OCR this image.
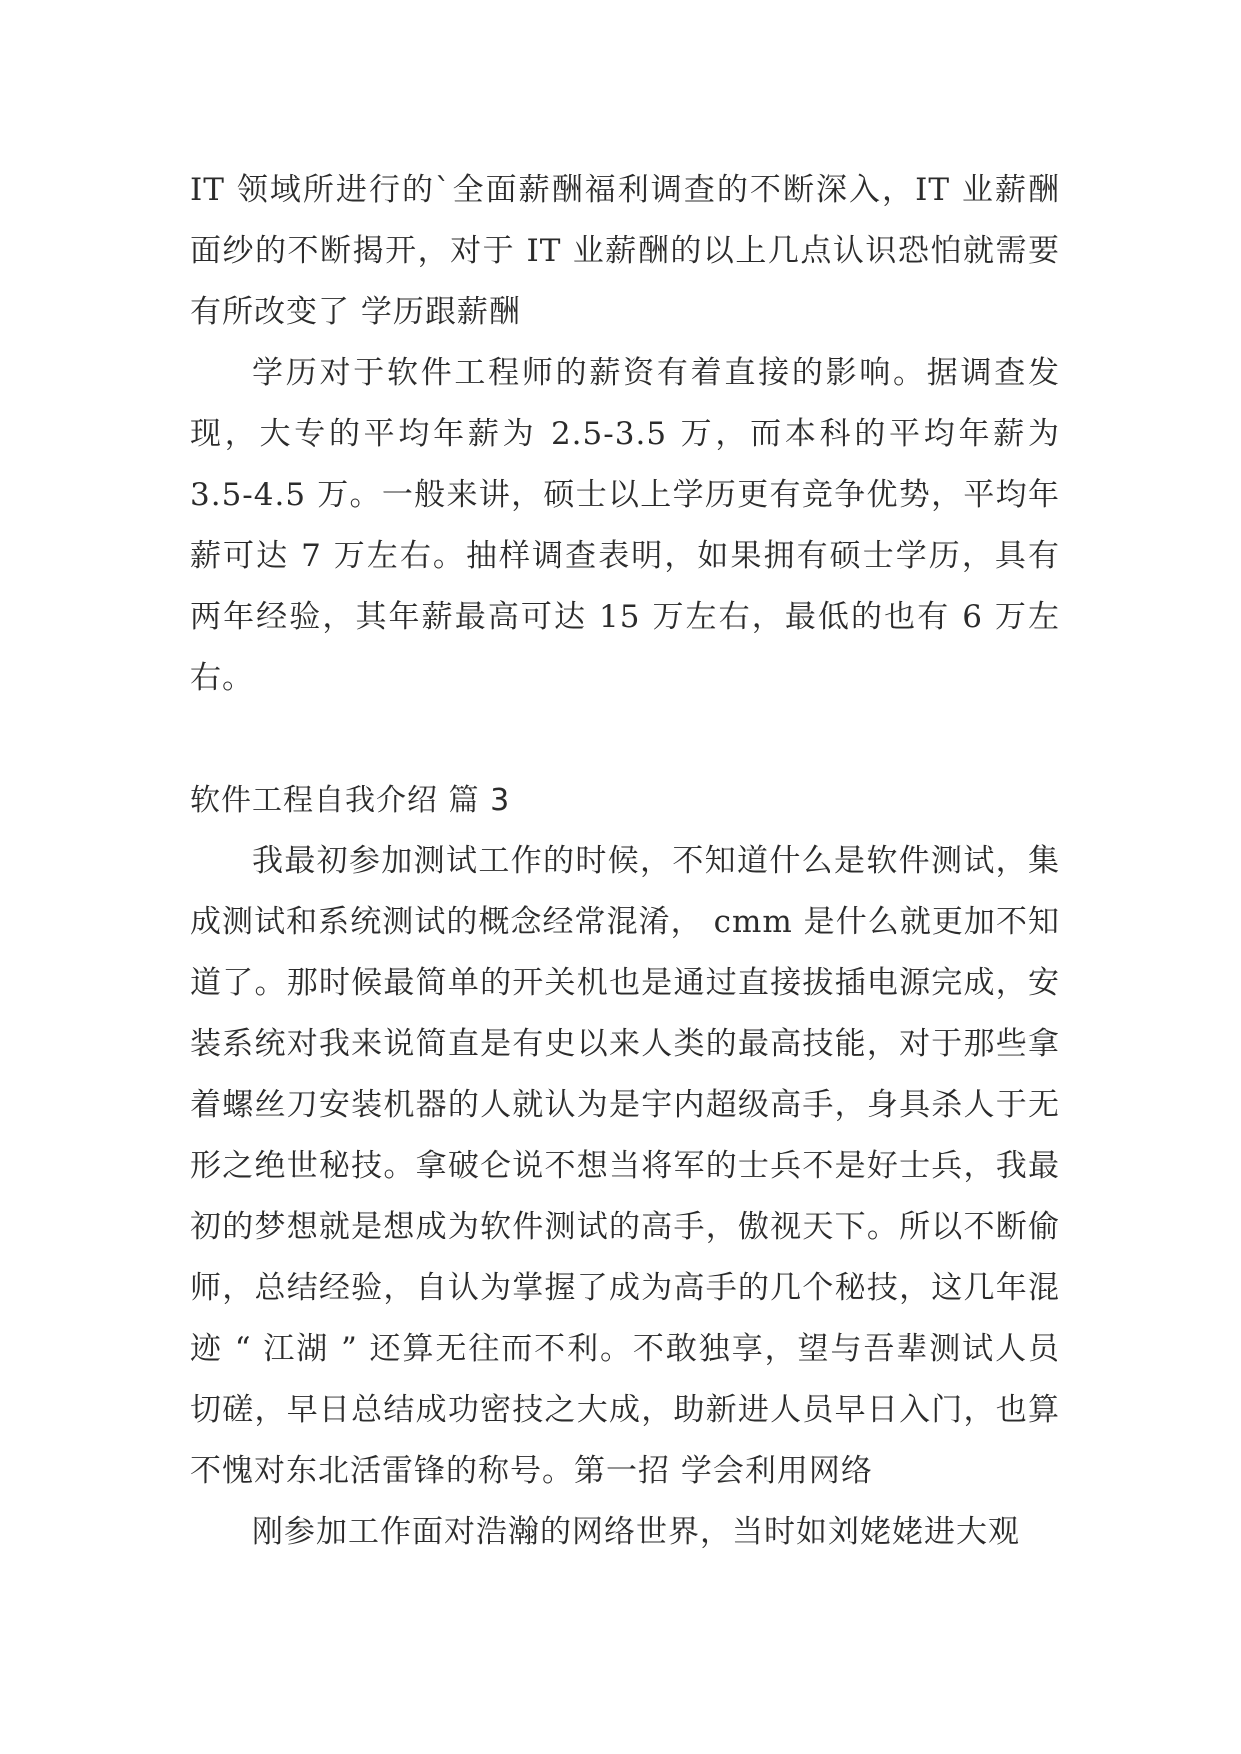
IT 领域所进行的`全面薪酬福利调查的不断深入，IT 业薪酬面纱的不断揭开，对于 IT 业薪酬的以上几点认识恐怕就需要有所改变了 学历跟薪酬

学历对于软件工程师的薪资有着直接的影响。据调查发现，大专的平均年薪为 2.5-3.5 万，而本科的平均年薪为 3.5-4.5 万。一般来讲，硕士以上学历更有竞争优势，平均年薪可达 7 万左右。抽样调查表明，如果拥有硕士学历，具有两年经验，其年薪最高可达 15 万左右，最低的也有 6 万左右。

软件工程自我介绍 篇 3

我最初参加测试工作的时候，不知道什么是软件测试，集成测试和系统测试的概念经常混淆， cmm 是什么就更加不知道了。那时候最简单的开关机也是通过直接拔插电源完成，安装系统对我来说简直是有史以来人类的最高技能，对于那些拿着螺丝刀安装机器的人就认为是宇内超级高手，身具杀人于无形之绝世秘技。拿破仑说不想当将军的士兵不是好士兵，我最初的梦想就是想成为软件测试的高手，傲视天下。所以不断偷师，总结经验，自认为掌握了成为高手的几个秘技，这几年混迹 “ 江湖 ” 还算无往而不利。不敢独享，望与吾辈测试人员切磋，早日总结成功密技之大成，助新进人员早日入门，也算不愧对东北活雷锋的称号。第一招 学会利用网络

刚参加工作面对浩瀚的网络世界，当时如刘姥姥进大观
